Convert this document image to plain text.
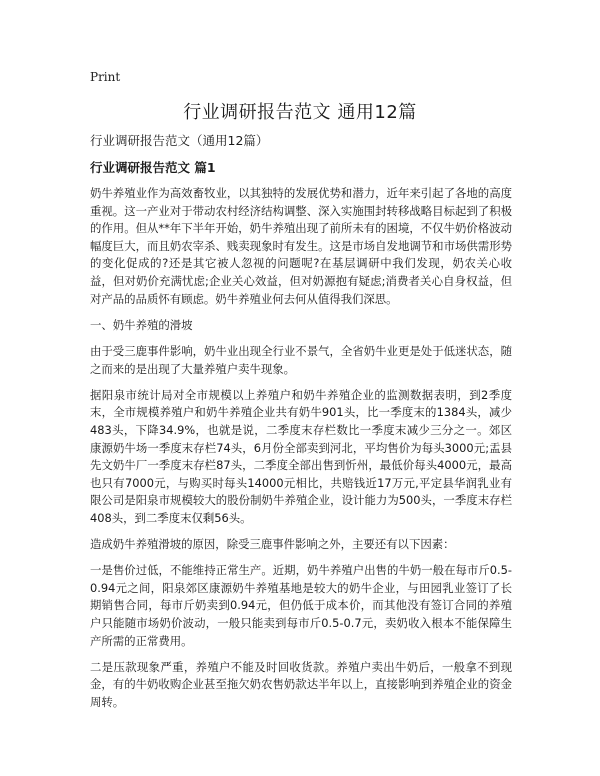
Print
行业调研报告范文 通用12篇
行业调研报告范文（通用12篇）
行业调研报告范文 篇1

奶牛养殖业作为高效畜牧业，以其独特的发展优势和潜力，近年来引起了各地的高度重视。这一产业对于带动农村经济结构调整、深入实施围封转移战略目标起到了积极的作用。但从**年下半年开始，奶牛养殖出现了前所未有的困境，不仅牛奶价格波动幅度巨大，而且奶农宰杀、贱卖现象时有发生。这是市场自发地调节和市场供需形势的变化促成的?还是其它被人忽视的问题呢?在基层调研中我们发现，奶农关心收益，但对奶价充满忧虑;企业关心效益，但对奶源抱有疑虑;消费者关心自身权益，但对产品的品质怀有顾虑。奶牛养殖业何去何从值得我们深思。

一、奶牛养殖的滑坡

由于受三鹿事件影响，奶牛业出现全行业不景气，全省奶牛业更是处于低迷状态，随之而来的是出现了大量养殖户卖牛现象。

据阳泉市统计局对全市规模以上养殖户和奶牛养殖企业的监测数据表明，到2季度末，全市规模养殖户和奶牛养殖企业共有奶牛901头，比一季度末的1384头，减少483头，下降34.9%，也就是说，二季度末存栏数比一季度末减少三分之一。郊区康源奶牛场一季度末存栏74头，6月份全部卖到河北，平均售价为每头3000元;盂县先文奶牛厂一季度末存栏87头，二季度全部出售到忻州，最低价每头4000元，最高也只有7000元，与购买时每头14000元相比，共赔钱近17万元,平定县华润乳业有限公司是阳泉市规模较大的股份制奶牛养殖企业，设计能力为500头，一季度末存栏408头，到二季度末仅剩56头。

造成奶牛养殖滑坡的原因，除受三鹿事件影响之外，主要还有以下因素：

一是售价过低，不能维持正常生产。近期，奶牛养殖户出售的牛奶一般在每市斤0.5-0.94元之间，阳泉郊区康源奶牛养殖基地是较大的奶牛企业，与田园乳业签订了长期销售合同，每市斤奶卖到0.94元，但仍低于成本价，而其他没有签订合同的养殖户只能随市场奶价波动，一般只能卖到每市斤0.5-0.7元，卖奶收入根本不能保障生产所需的正常费用。

二是压款现象严重，养殖户不能及时回收货款。养殖户卖出牛奶后，一般拿不到现金，有的牛奶收购企业甚至拖欠奶农售奶款达半年以上，直接影响到养殖企业的资金周转。
